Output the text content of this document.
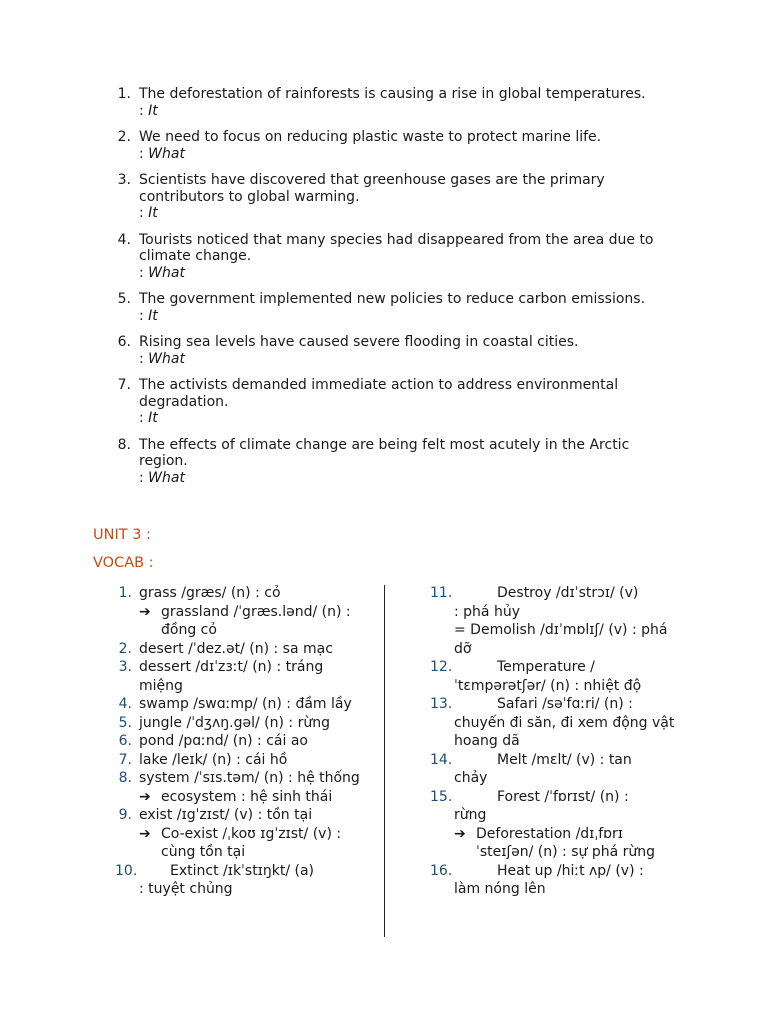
1. The deforestation of rainforests is causing a rise in global temperatures.
: It
2. We need to focus on reducing plastic waste to protect marine life.
: What
3. Scientists have discovered that greenhouse gases are the primary contributors to global warming.
: It
4. Tourists noticed that many species had disappeared from the area due to climate change.
: What
5. The government implemented new policies to reduce carbon emissions.
: It
6. Rising sea levels have caused severe flooding in coastal cities.
: What
7. The activists demanded immediate action to address environmental degradation.
: It
8. The effects of climate change are being felt most acutely in the Arctic region.
: What
UNIT 3 :
VOCAB :
1. grass /græs/ (n) : cỏ
➔ grassland /ˈgræs.lənd/ (n) : đồng cỏ
2. desert /ˈdez.ət/ (n) : sa mạc
3. dessert /dɪˈzɜːt/ (n) : tráng miệng
4. swamp /swɑːmp/ (n) : đầm lầy
5. jungle /ˈdʒʌŋ.gəl/ (n) : rừng
6. pond /pɑːnd/ (n) : cái ao
7. lake /leɪk/ (n) : cái hồ
8. system /ˈsɪs.təm/ (n) : hệ thống
➔ ecosystem : hệ sinh thái
9. exist /ɪgˈzɪst/ (v) : tồn tại
➔ Co-exist /ˌkoʊ ɪgˈzɪst/ (v) : cùng tồn tại
10.	Extinct /ɪkˈstɪŋkt/ (a)
: tuyệt chủng
11.	Destroy /dɪˈstrɔɪ/ (v)
: phá hủy
= Demolish /dɪˈmɒlɪʃ/ (v) : phá dỡ
12.	Temperature /
ˈtɛmpərətʃər/ (n) : nhiệt độ
13.	Safari /səˈfɑːri/ (n) :
chuyến đi săn, đi xem động vật hoang dã
14.	Melt /mɛlt/ (v) : tan
chảy
15.	Forest /ˈfɒrɪst/ (n) :
rừng
➔ Deforestation /dɪˌfɒrɪˈsteɪʃən/ (n) : sự phá rừng
16.	Heat up /hiːt ʌp/ (v) :
làm nóng lên
